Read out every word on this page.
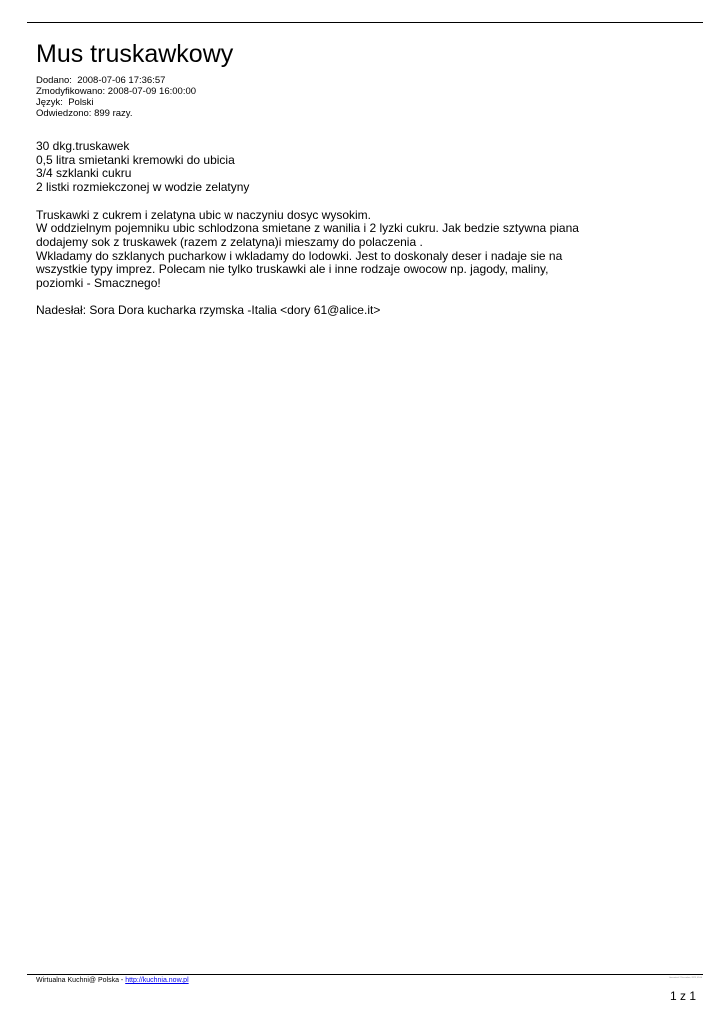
Mus truskawkowy
Dodano:  2008-07-06 17:36:57
Zmodyfikowano: 2008-07-09 16:00:00
Język:  Polski
Odwiedzono: 899 razy.
30 dkg.truskawek
0,5 litra smietanki kremowki do ubicia
3/4 szklanki cukru
2 listki rozmiekczonej w wodzie zelatyny
Truskawki z cukrem i zelatyna ubic w naczyniu dosyc wysokim.
W oddzielnym pojemniku ubic schlodzona smietane z wanilia i 2 lyzki cukru. Jak bedzie sztywna piana
dodajemy sok z truskawek (razem z zelatyna)i mieszamy do polaczenia .
Wkladamy do szklanych pucharkow i wkladamy do lodowki. Jest to doskonaly deser i nadaje sie na
wszystkie typy imprez. Polecam nie tylko truskawki ale i inne rodzaje owocow np. jagody, maliny,
poziomki - Smacznego!
Nadesłał: Sora Dora kucharka rzymska -Italia <dory 61@alice.it>
Wirtualna Kuchni@ Polska - http://kuchnia.now.pl	Generated: 2 December, 2023, 05:06
1 z 1
